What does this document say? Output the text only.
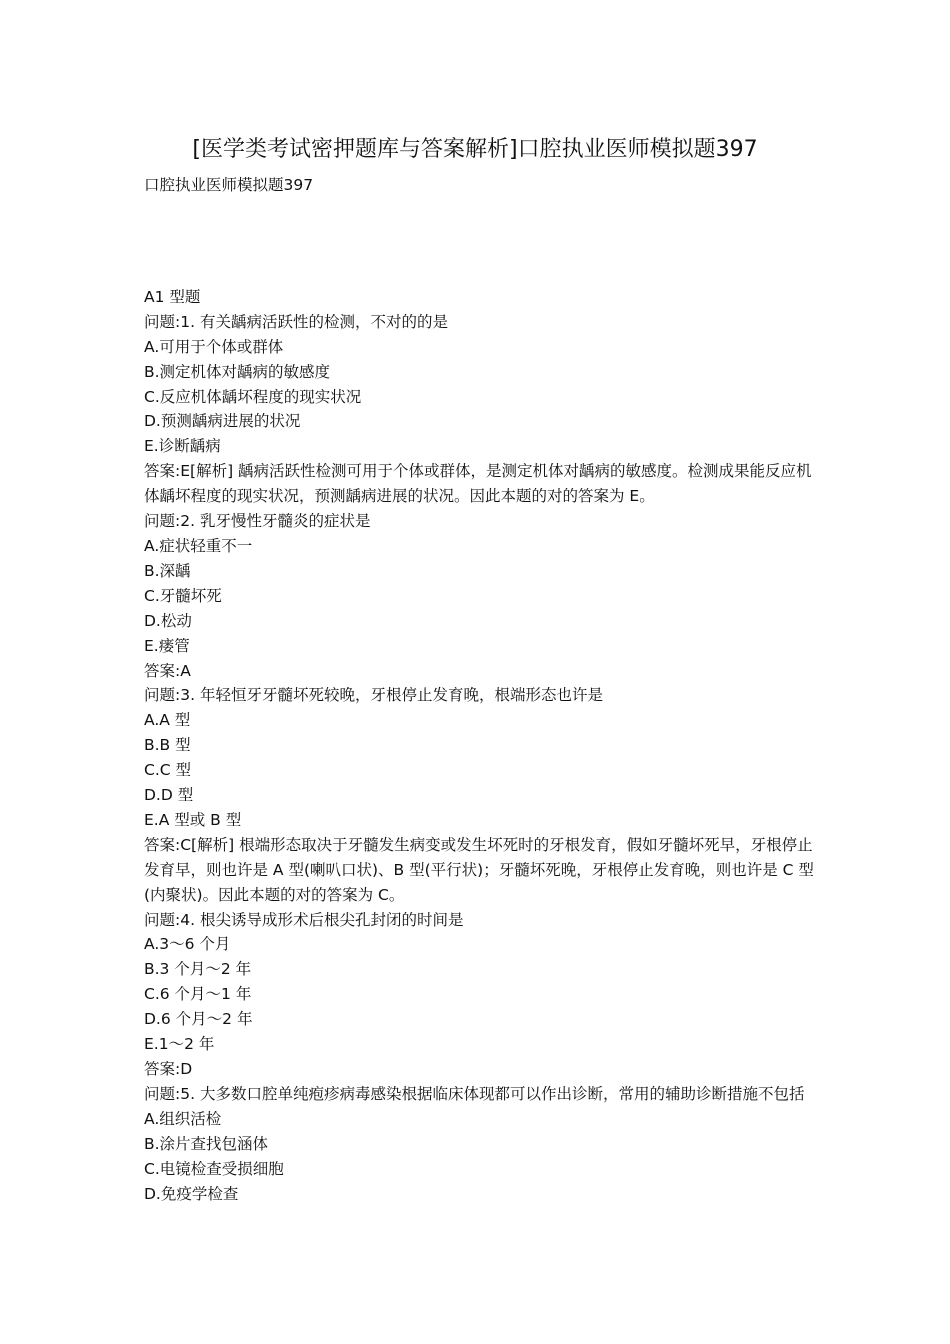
[医学类考试密押题库与答案解析]口腔执业医师模拟题397

口腔执业医师模拟题397

A1 型题

问题:1. 有关龋病活跃性的检测，不对的的是

A.可用于个体或群体

B.测定机体对龋病的敏感度

C.反应机体龋坏程度的现实状况

D.预测龋病进展的状况

E.诊断龋病

答案:E[解析] 龋病活跃性检测可用于个体或群体，是测定机体对龋病的敏感度。检测成果能反应机体龋坏程度的现实状况，预测龋病进展的状况。因此本题的对的答案为 E。

问题:2. 乳牙慢性牙髓炎的症状是

A.症状轻重不一

B.深龋

C.牙髓坏死

D.松动

E.瘘管

答案:A

问题:3. 年轻恒牙牙髓坏死较晚，牙根停止发育晚，根端形态也许是

A.A 型

B.B 型

C.C 型

D.D 型

E.A 型或 B 型

答案:C[解析] 根端形态取决于牙髓发生病变或发生坏死时的牙根发育，假如牙髓坏死早，牙根停止发育早，则也许是 A 型(喇叭口状)、B 型(平行状)；牙髓坏死晚，牙根停止发育晚，则也许是 C 型(内聚状)。因此本题的对的答案为 C。

问题:4. 根尖诱导成形术后根尖孔封闭的时间是

A.3～6 个月

B.3 个月～2 年

C.6 个月～1 年

D.6 个月～2 年

E.1～2 年

答案:D

问题:5. 大多数口腔单纯疱疹病毒感染根据临床体现都可以作出诊断，常用的辅助诊断措施不包括

A.组织活检

B.涂片查找包涵体

C.电镜检查受损细胞

D.免疫学检查
